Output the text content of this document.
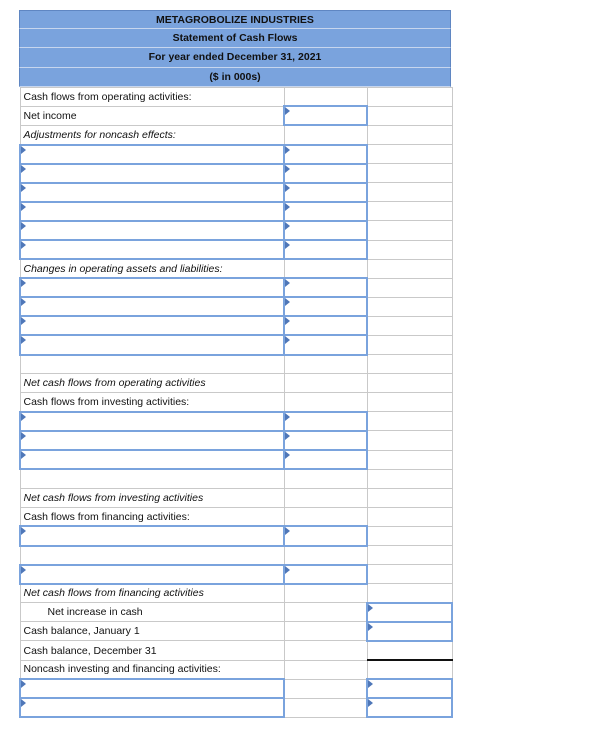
METAGROBOLIZE INDUSTRIES
Statement of Cash Flows
For year ended December 31, 2021
($ in 000s)
Cash flows from operating activities:		
Net income		
Adjustments for noncash effects:		

Changes in operating assets and liabilities:		

Net cash flows from operating activities		
Cash flows from investing activities:		

Net cash flows from investing activities		
Cash flows from financing activities:		

Net cash flows from financing activities		
Net increase in cash		
Cash balance, January 1		
Cash balance, December 31		
Noncash investing and financing activities:		
